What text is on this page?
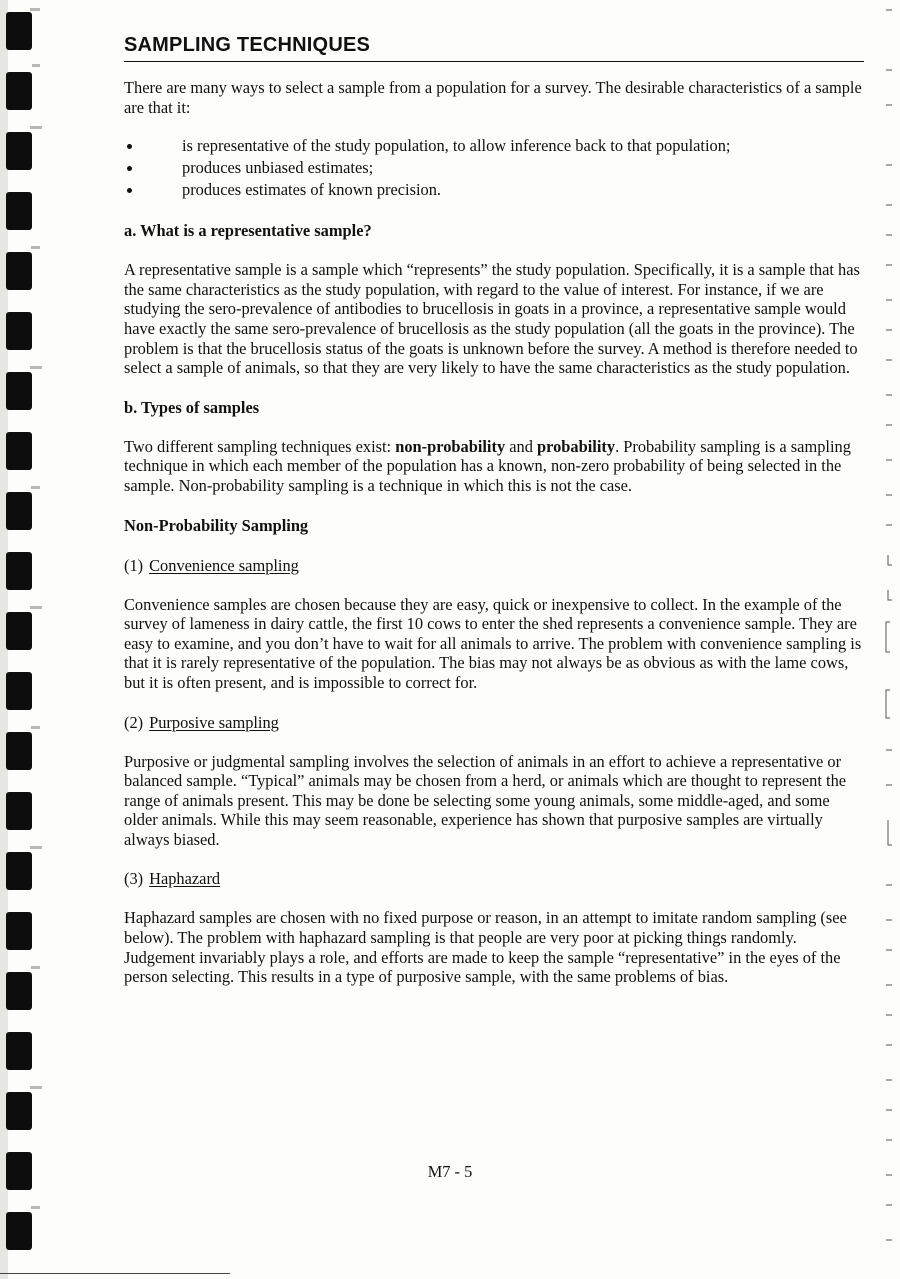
SAMPLING TECHNIQUES

There are many ways to select a sample from a population for a survey. The desirable characteristics of a sample are that it:

is representative of the study population, to allow inference back to that population;
produces unbiased estimates;
produces estimates of known precision.
a. What is a representative sample?

A representative sample is a sample which “represents” the study population. Specifically, it is a sample that has the same characteristics as the study population, with regard to the value of interest. For instance, if we are studying the sero-prevalence of antibodies to brucellosis in goats in a province, a representative sample would have exactly the same sero-prevalence of brucellosis as the study population (all the goats in the province). The problem is that the brucellosis status of the goats is unknown before the survey. A method is therefore needed to select a sample of animals, so that they are very likely to have the same characteristics as the study population.

b. Types of samples

Two different sampling techniques exist: non-probability and probability. Probability sampling is a sampling technique in which each member of the population has a known, non-zero probability of being selected in the sample. Non-probability sampling is a technique in which this is not the case.

Non-Probability Sampling
(1) Convenience sampling

Convenience samples are chosen because they are easy, quick or inexpensive to collect. In the example of the survey of lameness in dairy cattle, the first 10 cows to enter the shed represents a convenience sample. They are easy to examine, and you don’t have to wait for all animals to arrive. The problem with convenience sampling is that it is rarely representative of the population. The bias may not always be as obvious as with the lame cows, but it is often present, and is impossible to correct for.

(2) Purposive sampling

Purposive or judgmental sampling involves the selection of animals in an effort to achieve a representative or balanced sample. “Typical” animals may be chosen from a herd, or animals which are thought to represent the range of animals present. This may be done be selecting some young animals, some middle-aged, and some older animals. While this may seem reasonable, experience has shown that purposive samples are virtually always biased.

(3) Haphazard

Haphazard samples are chosen with no fixed purpose or reason, in an attempt to imitate random sampling (see below). The problem with haphazard sampling is that people are very poor at picking things randomly. Judgement invariably plays a role, and efforts are made to keep the sample “representative” in the eyes of the person selecting. This results in a type of purposive sample, with the same problems of bias.

M7 - 5
